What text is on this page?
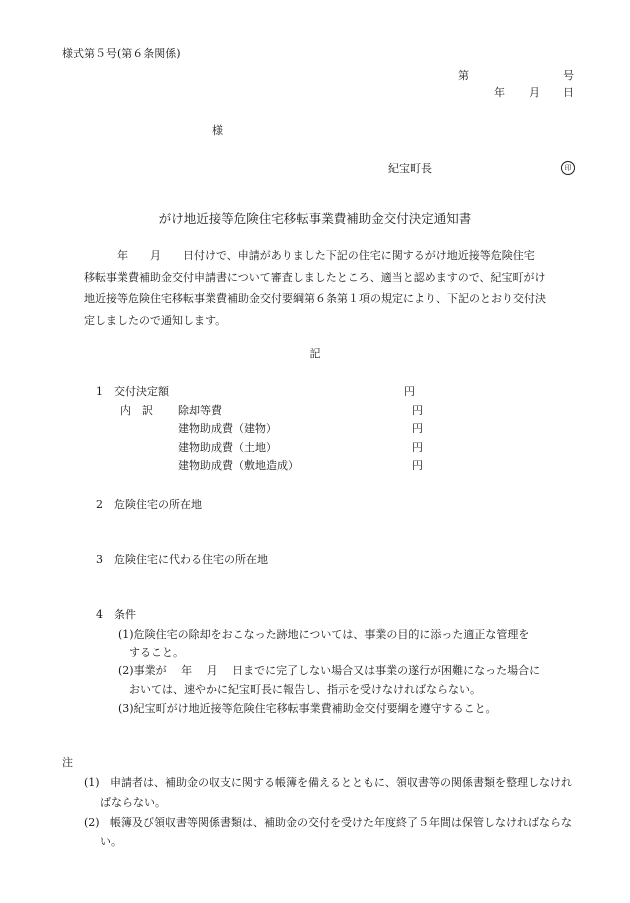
様式第５号(第６条関係)
第	号
年 月 日
様
紀宝町長	印
がけ地近接等危険住宅移転事業費補助金交付決定通知書

　　　年　　月　　日付けで、申請がありました下記の住宅に関するがけ地近接等危険住宅

移転事業費補助金交付申請書について審査しましたところ、適当と認めますので、紀宝町がけ

地近接等危険住宅移転事業費補助金交付要綱第６条第１項の規定により、下記のとおり交付決

定しましたので通知します。

記
1 交付決定額	円
内　訳 除却等費	円
建物助成費（建物）	円
建物助成費（土地）	円
建物助成費（敷地造成）	円
2 危険住宅の所在地
3 危険住宅に代わる住宅の所在地
4 条件
(1)危険住宅の除却をおこなった跡地については、事業の目的に添った適正な管理を
　すること。
(2)事業が　 年　 月　 日までに完了しない場合又は事業の遂行が困難になった場合に
　おいては、速やかに紀宝町長に報告し、指示を受けなければならない。
(3)紀宝町がけ地近接等危険住宅移転事業費補助金交付要綱を遵守すること。
注
(1) 申請者は、補助金の収支に関する帳簿を備えるとともに、領収書等の関係書類を整理しなけれ
ばならない。
(2) 帳簿及び領収書等関係書類は、補助金の交付を受けた年度終了５年間は保管しなければならな
い。
